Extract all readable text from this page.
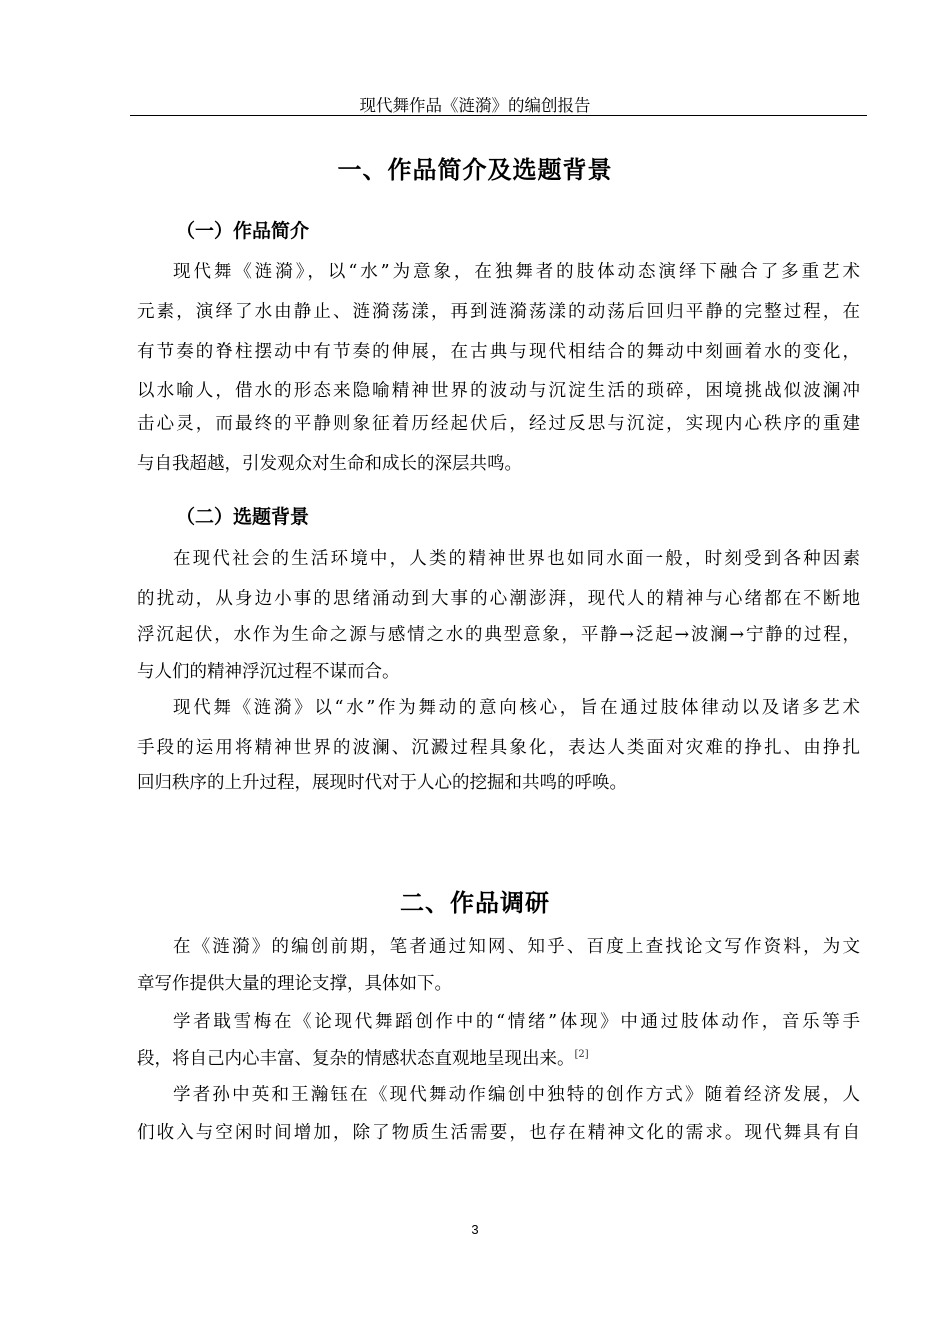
现代舞作品《涟漪》的编创报告
一、作品简介及选题背景
（一）作品简介
现代舞《涟漪》，以“水”为意象，在独舞者的肢体动态演绎下融合了多重艺术
元素，演绎了水由静止、涟漪荡漾，再到涟漪荡漾的动荡后回归平静的完整过程，在
有节奏的脊柱摆动中有节奏的伸展，在古典与现代相结合的舞动中刻画着水的变化，
以水喻人，借水的形态来隐喻精神世界的波动与沉淀生活的琐碎，困境挑战似波澜冲
击心灵，而最终的平静则象征着历经起伏后，经过反思与沉淀，实现内心秩序的重建
与自我超越，引发观众对生命和成长的深层共鸣。
（二）选题背景
在现代社会的生活环境中，人类的精神世界也如同水面一般，时刻受到各种因素
的扰动，从身边小事的思绪涌动到大事的心潮澎湃，现代人的精神与心绪都在不断地
浮沉起伏，水作为生命之源与感情之水的典型意象，平静→泛起→波澜→宁静的过程，
与人们的精神浮沉过程不谋而合。
现代舞《涟漪》以“水”作为舞动的意向核心，旨在通过肢体律动以及诸多艺术
手段的运用将精神世界的波澜、沉澱过程具象化，表达人类面对灾难的挣扎、由挣扎
回归秩序的上升过程，展现时代对于人心的挖掘和共鸣的呼唤。
二、作品调研
在《涟漪》的编创前期，笔者通过知网、知乎、百度上查找论文写作资料，为文
章写作提供大量的理论支撑，具体如下。
学者戢雪梅在《论现代舞蹈创作中的“情绪”体现》中通过肢体动作，音乐等手
段，将自己内心丰富、复杂的情感状态直观地呈现出来。[2]
学者孙中英和王瀚钰在《现代舞动作编创中独特的创作方式》随着经济发展，人
们收入与空闲时间增加，除了物质生活需要，也存在精神文化的需求。现代舞具有自
3
